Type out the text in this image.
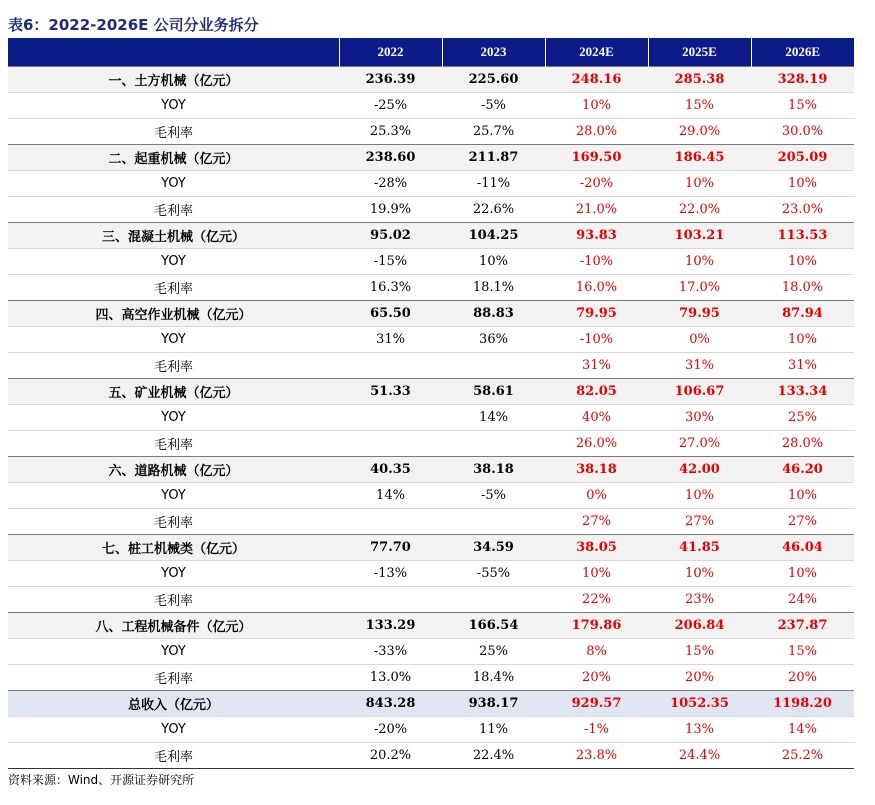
表6：2022-2026E 公司分业务拆分
	2022	2023	2024E	2025E	2026E
一、土方机械（亿元）	236.39	225.60	248.16	285.38	328.19
YOY	-25%	-5%	10%	15%	15%
毛利率	25.3%	25.7%	28.0%	29.0%	30.0%
二、起重机械（亿元）	238.60	211.87	169.50	186.45	205.09
YOY	-28%	-11%	-20%	10%	10%
毛利率	19.9%	22.6%	21.0%	22.0%	23.0%
三、混凝土机械（亿元）	95.02	104.25	93.83	103.21	113.53
YOY	-15%	10%	-10%	10%	10%
毛利率	16.3%	18.1%	16.0%	17.0%	18.0%
四、高空作业机械（亿元）	65.50	88.83	79.95	79.95	87.94
YOY	31%	36%	-10%	0%	10%
毛利率			31%	31%	31%
五、矿业机械（亿元）	51.33	58.61	82.05	106.67	133.34
YOY		14%	40%	30%	25%
毛利率			26.0%	27.0%	28.0%
六、道路机械（亿元）	40.35	38.18	38.18	42.00	46.20
YOY	14%	-5%	0%	10%	10%
毛利率			27%	27%	27%
七、桩工机械类（亿元）	77.70	34.59	38.05	41.85	46.04
YOY	-13%	-55%	10%	10%	10%
毛利率			22%	23%	24%
八、工程机械备件（亿元）	133.29	166.54	179.86	206.84	237.87
YOY	-33%	25%	8%	15%	15%
毛利率	13.0%	18.4%	20%	20%	20%
总收入（亿元）	843.28	938.17	929.57	1052.35	1198.20
YOY	-20%	11%	-1%	13%	14%
毛利率	20.2%	22.4%	23.8%	24.4%	25.2%
资料来源：Wind、开源证券研究所
